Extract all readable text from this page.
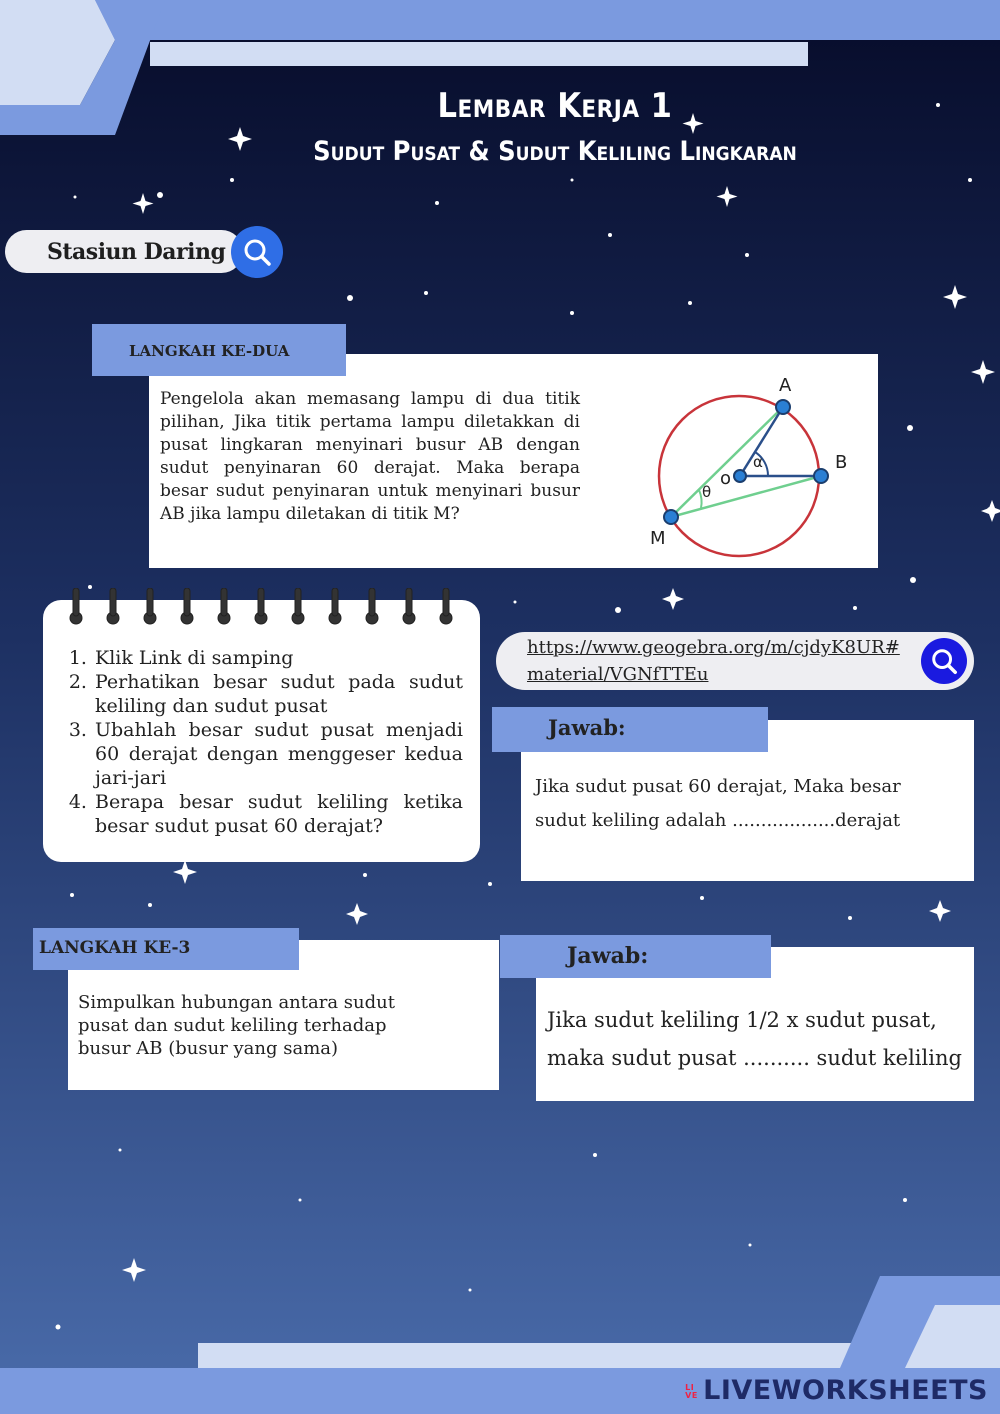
Lembar Kerja 1
Sudut Pusat & Sudut Keliling Lingkaran
Stasiun Daring
Pengelola akan memasang lampu di dua titik pilihan, Jika titik pertama lampu diletakkan di pusat lingkaran menyinari busur AB dengan sudut penyinaran 60 derajat. Maka berapa besar sudut penyinaran untuk menyinari busur AB jika lampu diletakan di titik M?
A
B
M
o
α
θ
LANGKAH KE-DUA
1. Klik Link di samping
2. Perhatikan besar sudut pada sudut keliling dan sudut pusat
3. Ubahlah besar sudut pusat menjadi 60 derajat dengan menggeser kedua jari-jari
4. Berapa besar sudut keliling ketika besar sudut pusat 60 derajat?
https://www.geogebra.org/m/cjdyK8UR#
material/VGNfTTEu
Jika sudut pusat 60 derajat, Maka besar
sudut keliling adalah ..................derajat
Jawab:
Simpulkan hubungan antara sudut pusat dan sudut keliling terhadap busur AB (busur yang sama)
LANGKAH KE-3
Jika sudut keliling 1/2 x sudut pusat,
maka sudut pusat .......... sudut keliling
Jawab:
LIVE LIVEWORKSHEETS
